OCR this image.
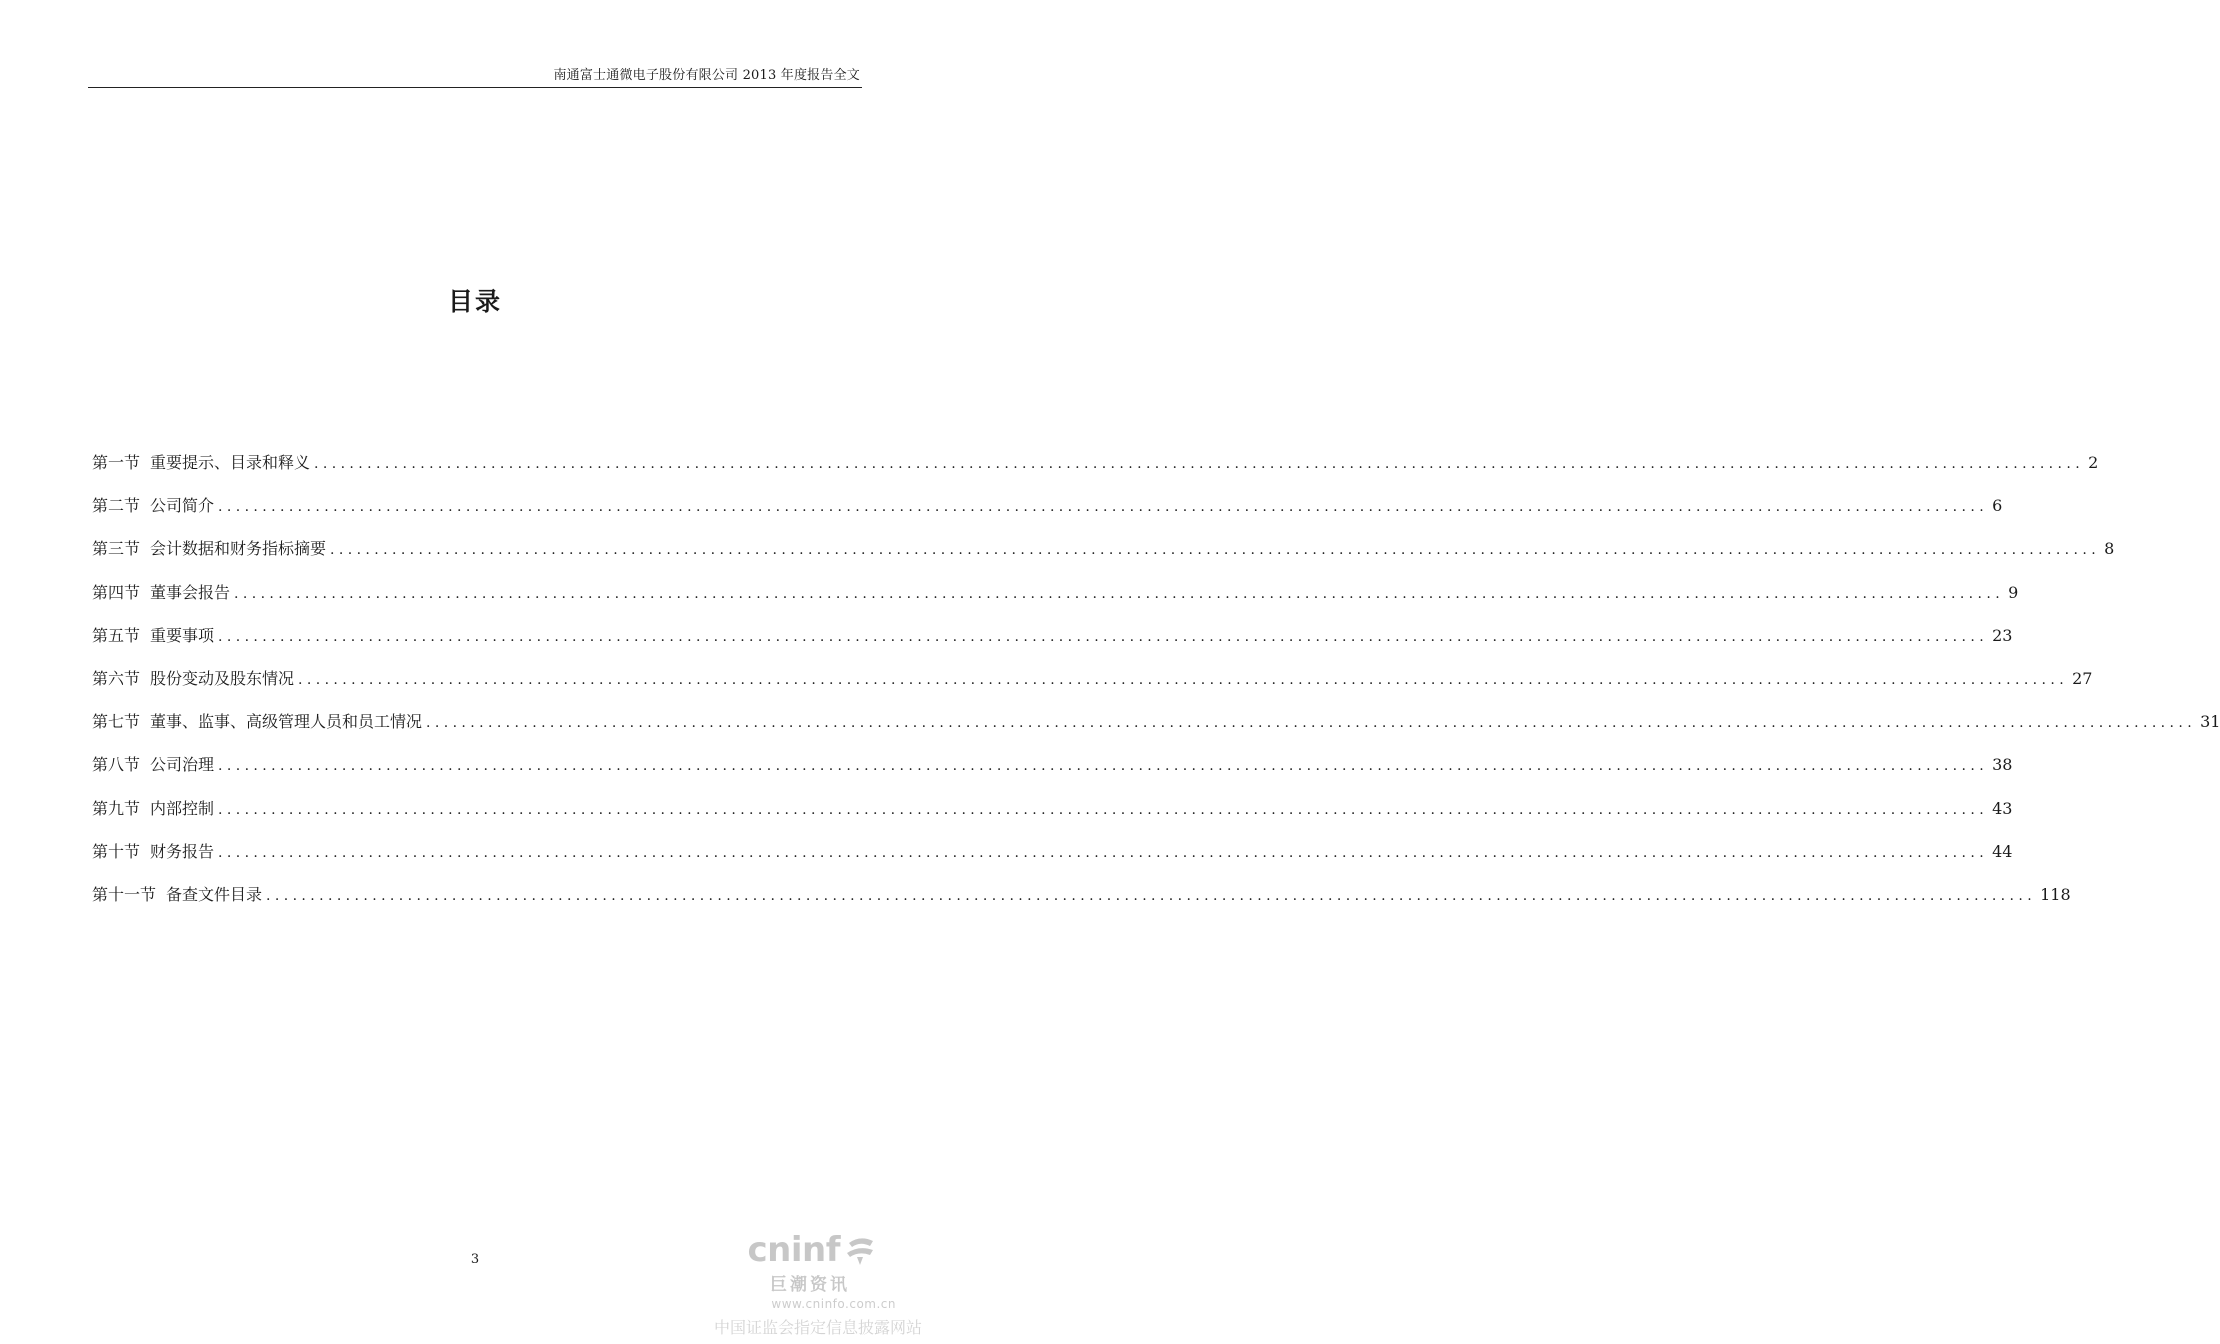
南通富士通微电子股份有限公司 2013 年度报告全文
目录
第一节 重要提示、目录和释义 ........................................................................................................................................................................................................ 2
第二节 公司简介 ........................................................................................................................................................................................................ 6
第三节 会计数据和财务指标摘要 ........................................................................................................................................................................................................ 8
第四节 董事会报告 ........................................................................................................................................................................................................ 9
第五节 重要事项 ........................................................................................................................................................................................................ 23
第六节 股份变动及股东情况 ........................................................................................................................................................................................................ 27
第七节 董事、监事、高级管理人员和员工情况 ........................................................................................................................................................................................................ 31
第八节 公司治理 ........................................................................................................................................................................................................ 38
第九节 内部控制 ........................................................................................................................................................................................................ 43
第十节 财务报告 ........................................................................................................................................................................................................ 44
第十一节 备查文件目录 ........................................................................................................................................................................................................ 118
3	cninf
巨潮资讯
www.cninfo.com.cn
中国证监会指定信息披露网站
